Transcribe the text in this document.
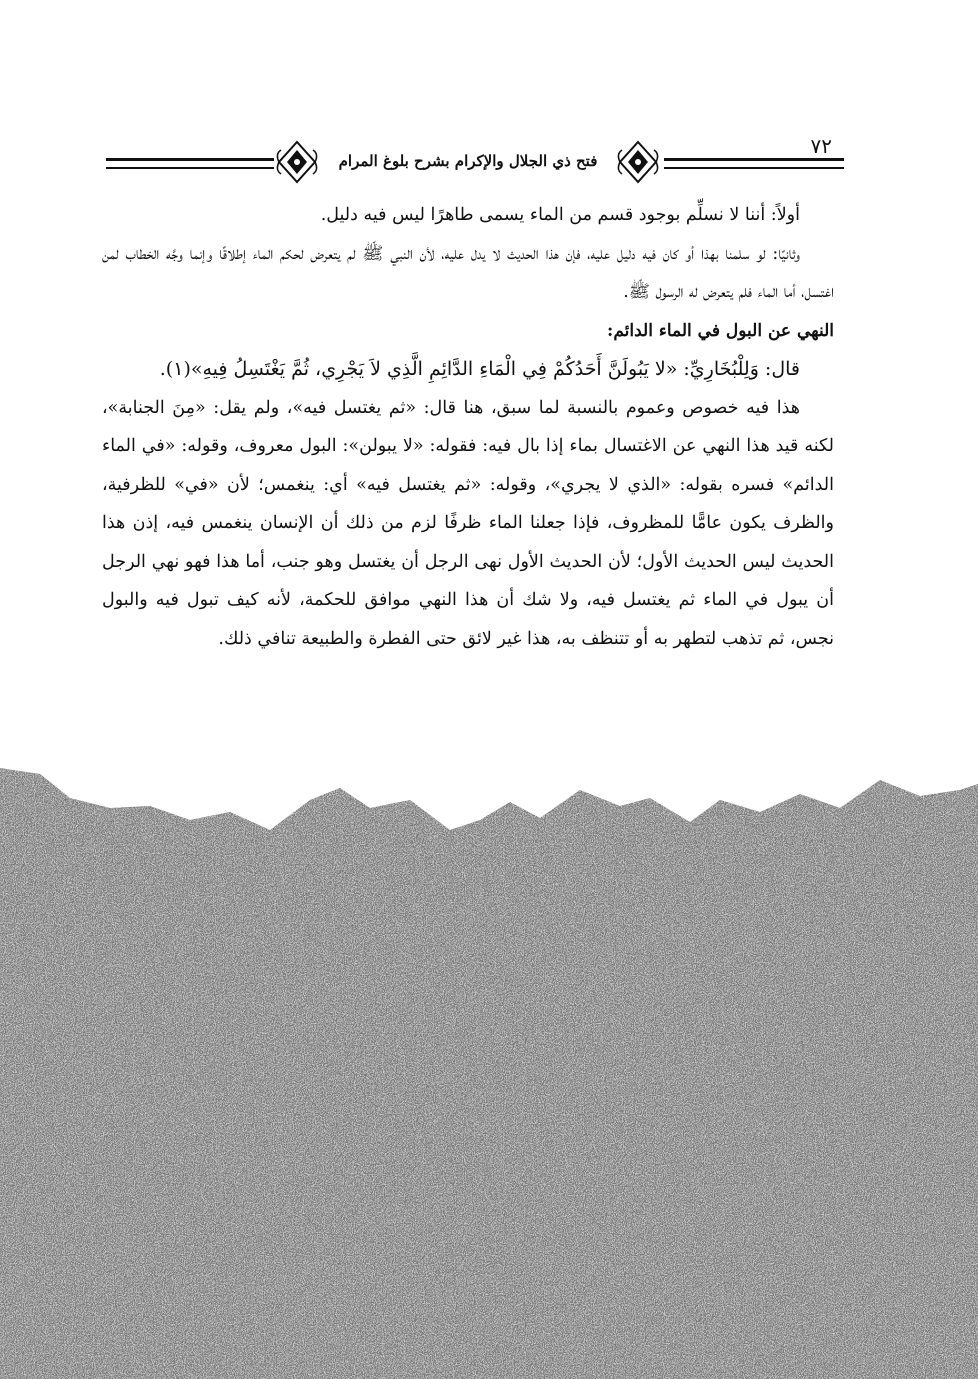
فتح ذي الجلال والإكرام بشرح بلوغ المرام
٧٢

أولاً: أننا لا نسلِّم بوجود قسم من الماء يسمى طاهرًا ليس فيه دليل.

وثانيًا: لو سلمنا بهذا أو كان فيه دليل عليه، فإن هذا الحديث لا يدل عليه، لأن النبي ﷺ لم يتعرض لحكم الماء إطلاقًا وإنما وجَّه الخطاب لمن اغتسل، أما الماء فلم يتعرض له الرسول ﷺ.

النهي عن البول في الماء الدائم:

قال: وَلِلْبُخَارِيِّ: «لا يَبُولَنَّ أَحَدُكُمْ فِي الْمَاءِ الدَّائِمِ الَّذِي لاَ يَجْرِي، ثُمَّ يَغْتَسِلُ فِيهِ»(١).

هذا فيه خصوص وعموم بالنسبة لما سبق، هنا قال: «ثم يغتسل فيه»، ولم يقل: «مِنَ الجنابة»، لكنه قيد هذا النهي عن الاغتسال بماء إذا بال فيه: فقوله: «لا يبولن»: البول معروف، وقوله: «في الماء الدائم» فسره بقوله: «الذي لا يجري»، وقوله: «ثم يغتسل فيه» أي: ينغمس؛ لأن «في» للظرفية، والظرف يكون عامًّا للمظروف، فإذا جعلنا الماء ظرفًا لزم من ذلك أن الإنسان ينغمس فيه، إذن هذا الحديث ليس الحديث الأول؛ لأن الحديث الأول نهى الرجل أن يغتسل وهو جنب، أما هذا فهو نهي الرجل أن يبول في الماء ثم يغتسل فيه، ولا شك أن هذا النهي موافق للحكمة، لأنه كيف تبول فيه والبول نجس، ثم تذهب لتطهر به أو تتنظف به، هذا غير لائق حتى الفطرة والطبيعة تنافي ذلك.
